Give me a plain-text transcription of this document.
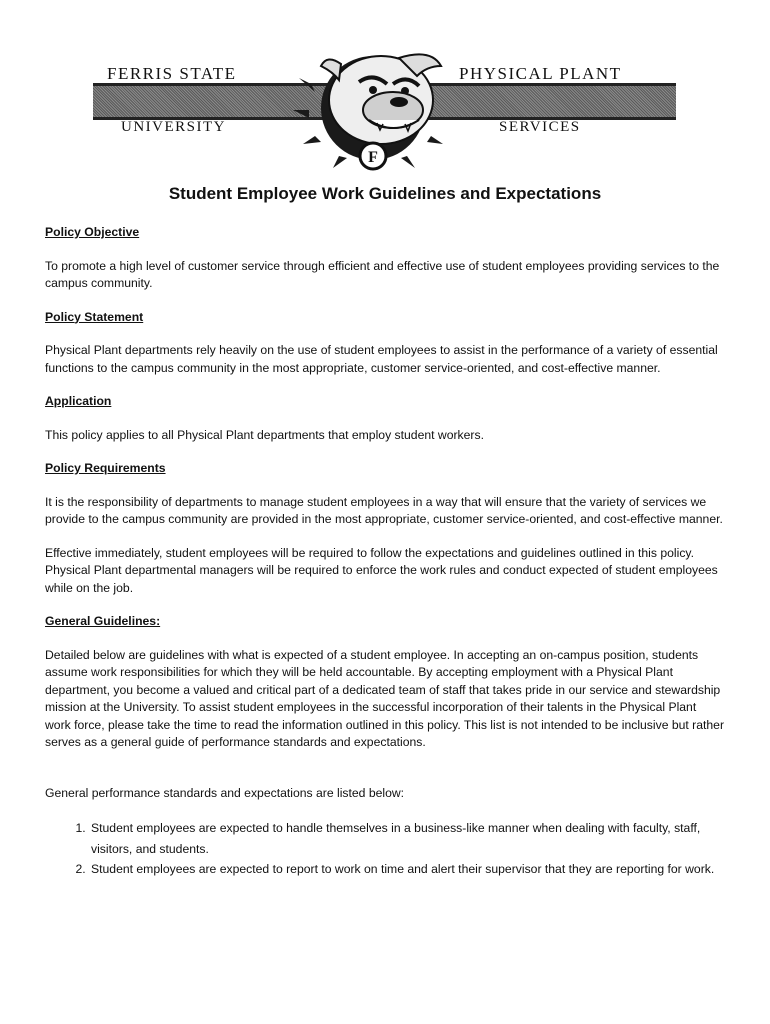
FERRIS STATE	PHYSICAL PLANT
UNIVERSITY	SERVICES
F
Student Employee Work Guidelines and Expectations
Policy Objective
To promote a high level of customer service through efficient and effective use of student employees providing services to the campus community.
Policy Statement
Physical Plant departments rely heavily on the use of student employees to assist in the performance of a variety of essential functions to the campus community in the most appropriate, customer service-oriented, and cost-effective manner.
Application
This policy applies to all Physical Plant departments that employ student workers.
Policy Requirements
It is the responsibility of departments to manage student employees in a way that will ensure that the variety of services we provide to the campus community are provided in the most appropriate, customer service-oriented, and cost-effective manner.
Effective immediately, student employees will be required to follow the expectations and guidelines outlined in this policy. Physical Plant departmental managers will be required to enforce the work rules and conduct expected of student employees while on the job.
General Guidelines:
Detailed below are guidelines with what is expected of a student employee. In accepting an on-campus position, students assume work responsibilities for which they will be held accountable. By accepting employment with a Physical Plant department, you become a valued and critical part of a dedicated team of staff that takes pride in our service and stewardship mission at the University. To assist student employees in the successful incorporation of their talents in the Physical Plant work force, please take the time to read the information outlined in this policy. This list is not intended to be inclusive but rather serves as a general guide of performance standards and expectations.
General performance standards and expectations are listed below:
1. Student employees are expected to handle themselves in a business-like manner when dealing with faculty, staff, visitors, and students.
2. Student employees are expected to report to work on time and alert their supervisor that they are reporting for work.
